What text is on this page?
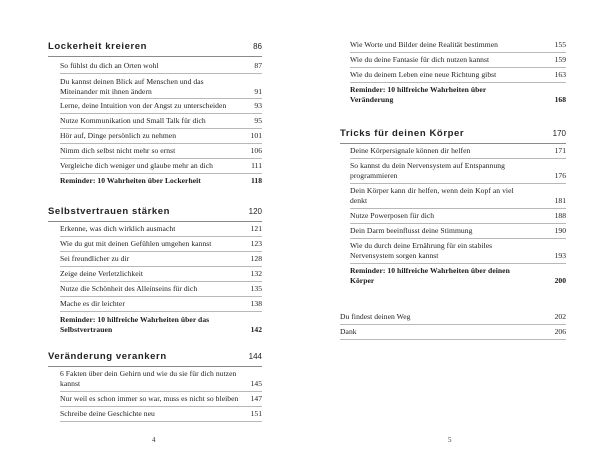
Lockerheit kreieren	86
So fühlst du dich an Orten wohl	87
Du kannst deinen Blick auf Menschen und das Miteinander mit ihnen ändern	91
Lerne, deine Intuition von der Angst zu unterscheiden	93
Nutze Kommunikation und Small Talk für dich	95
Hör auf, Dinge persönlich zu nehmen	101
Nimm dich selbst nicht mehr so ernst	106
Vergleiche dich weniger und glaube mehr an dich	111
Reminder: 10 Wahrheiten über Lockerheit	118
Selbstvertrauen stärken	120
Erkenne, was dich wirklich ausmacht	121
Wie du gut mit deinen Gefühlen umgehen kannst	123
Sei freundlicher zu dir	128
Zeige deine Verletzlichkeit	132
Nutze die Schönheit des Alleinseins für dich	135
Mache es dir leichter	138
Reminder: 10 hilfreiche Wahrheiten über das Selbstvertrauen	142
Veränderung verankern	144
6 Fakten über dein Gehirn und wie du sie für dich nutzen kannst	145
Nur weil es schon immer so war, muss es nicht so bleiben	147
Schreibe deine Geschichte neu	151
4
Wie Worte und Bilder deine Realität bestimmen	155
Wie du deine Fantasie für dich nutzen kannst	159
Wie du deinem Leben eine neue Richtung gibst	163
Reminder: 10 hilfreiche Wahrheiten über Veränderung	168
Tricks für deinen Körper	170
Deine Körpersignale können dir helfen	171
So kannst du dein Nervensystem auf Entspannung programmieren	176
Dein Körper kann dir helfen, wenn dein Kopf an viel denkt	181
Nutze Powerposen für dich	188
Dein Darm beeinflusst deine Stimmung	190
Wie du durch deine Ernährung für ein stabiles Nervensystem sorgen kannst	193
Reminder: 10 hilfreiche Wahrheiten über deinen Körper	200
Du findest deinen Weg	202
Dank	206
5
